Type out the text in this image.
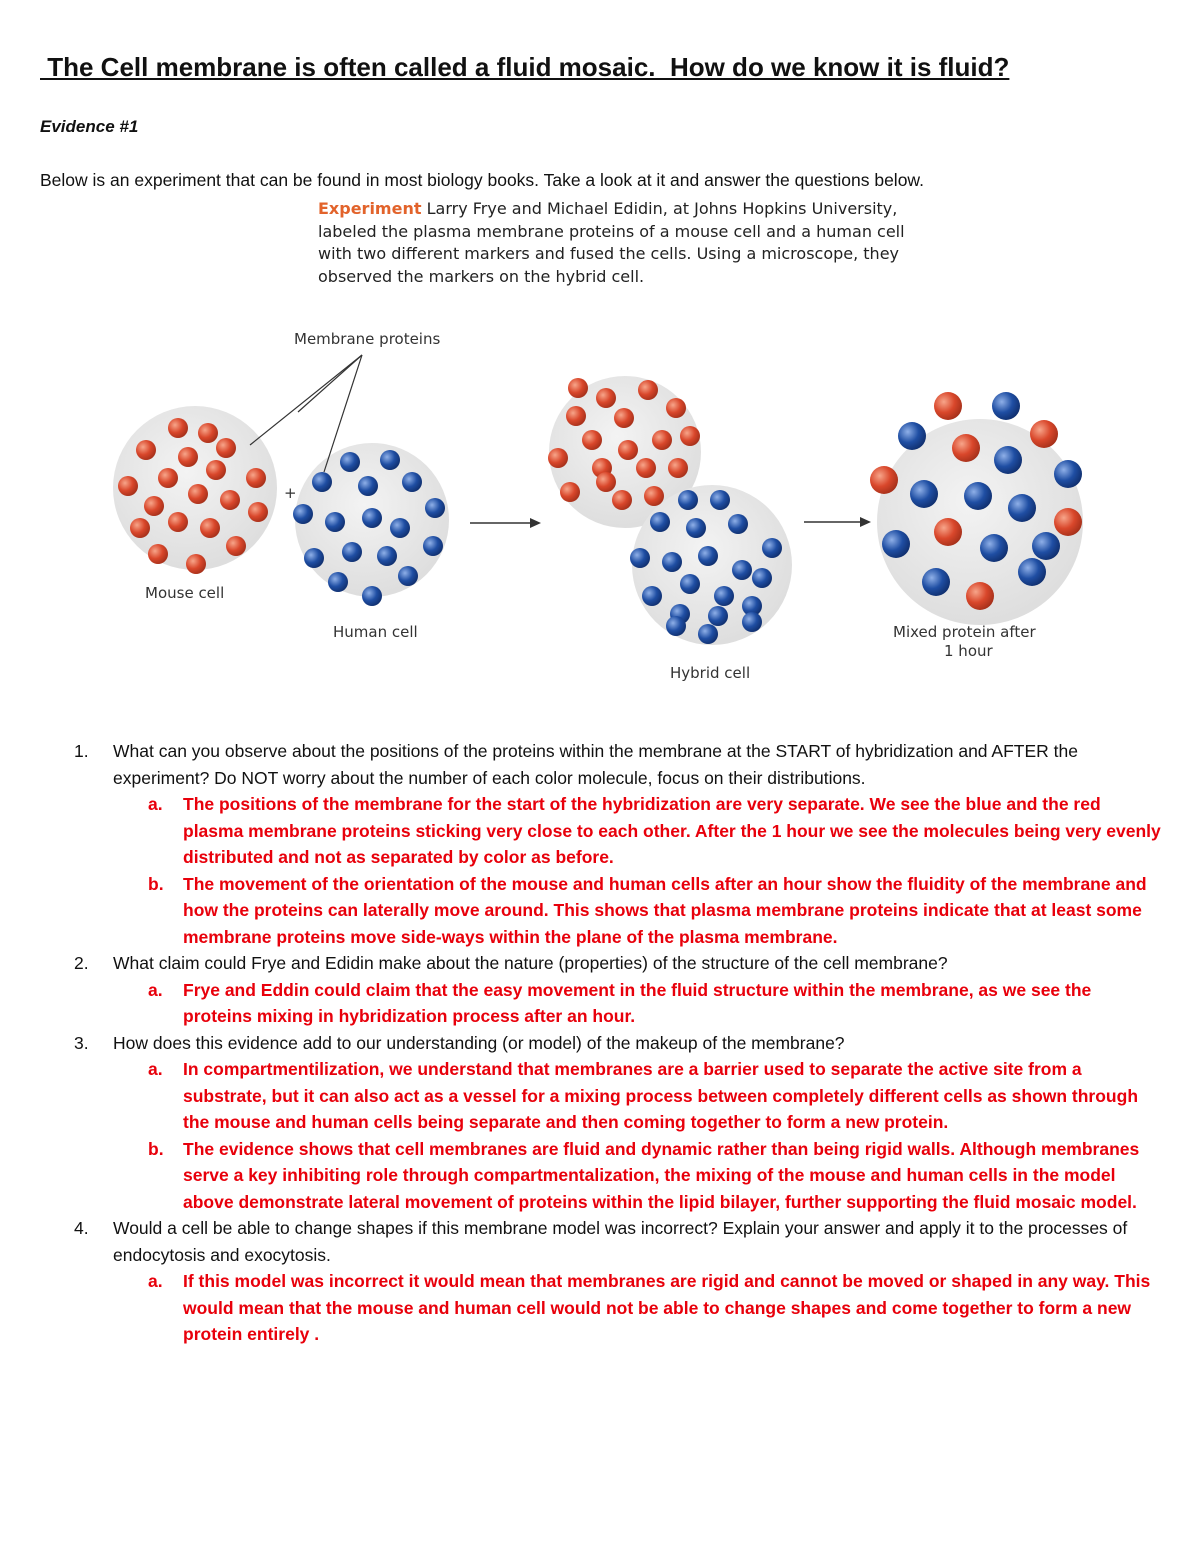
The Cell membrane is often called a fluid mosaic.  How do we know it is fluid?
Evidence #1
Below is an experiment that can be found in most biology books. Take a look at it and answer the questions below.
Experiment Larry Frye and Michael Edidin, at Johns Hopkins University, labeled the plasma membrane proteins of a mouse cell and a human cell with two different markers and fused the cells. Using a microscope, they observed the markers on the hybrid cell.
Membrane proteins
+
Mouse cell
Human cell
Hybrid cell
Mixed protein after
1 hour
1. What can you observe about the positions of the proteins within the membrane at the START of hybridization and AFTER the experiment? Do NOT worry about the number of each color molecule, focus on their distributions.
a. The positions of the membrane for the start of the hybridization are very separate. We see the blue and the red plasma membrane proteins sticking very close to each other. After the 1 hour we see the molecules being very evenly distributed and not as separated by color as before.
b. The movement of the orientation of the mouse and human cells after an hour show the fluidity of the membrane and how the proteins can laterally move around. This shows that plasma membrane proteins indicate that at least some membrane proteins move side-ways within the plane of the plasma membrane.
2. What claim could Frye and Edidin make about the nature (properties) of the structure of the cell membrane?
a. Frye and Eddin could claim that the easy movement in the fluid structure within the membrane, as we see the proteins mixing in hybridization process after an hour.
3. How does this evidence add to our understanding (or model) of the makeup of the membrane?
a. In compartmentilization, we understand that membranes are a barrier used to separate the active site from a substrate, but it can also act as a vessel for a mixing process between completely different cells as shown through the mouse and human cells being separate and then coming together to form a new protein.
b. The evidence shows that cell membranes are fluid and dynamic rather than being rigid walls. Although membranes serve a key inhibiting role through compartmentalization, the mixing of the mouse and human cells in the model above demonstrate lateral movement of proteins within the lipid bilayer, further supporting the fluid mosaic model.
4. Would a cell be able to change shapes if this membrane model was incorrect? Explain your answer and apply it to the processes of endocytosis and exocytosis.
a. If this model was incorrect it would mean that membranes are rigid and cannot be moved or shaped in any way. This would mean that the mouse and human cell would not be able to change shapes and come together to form a new protein entirely .
